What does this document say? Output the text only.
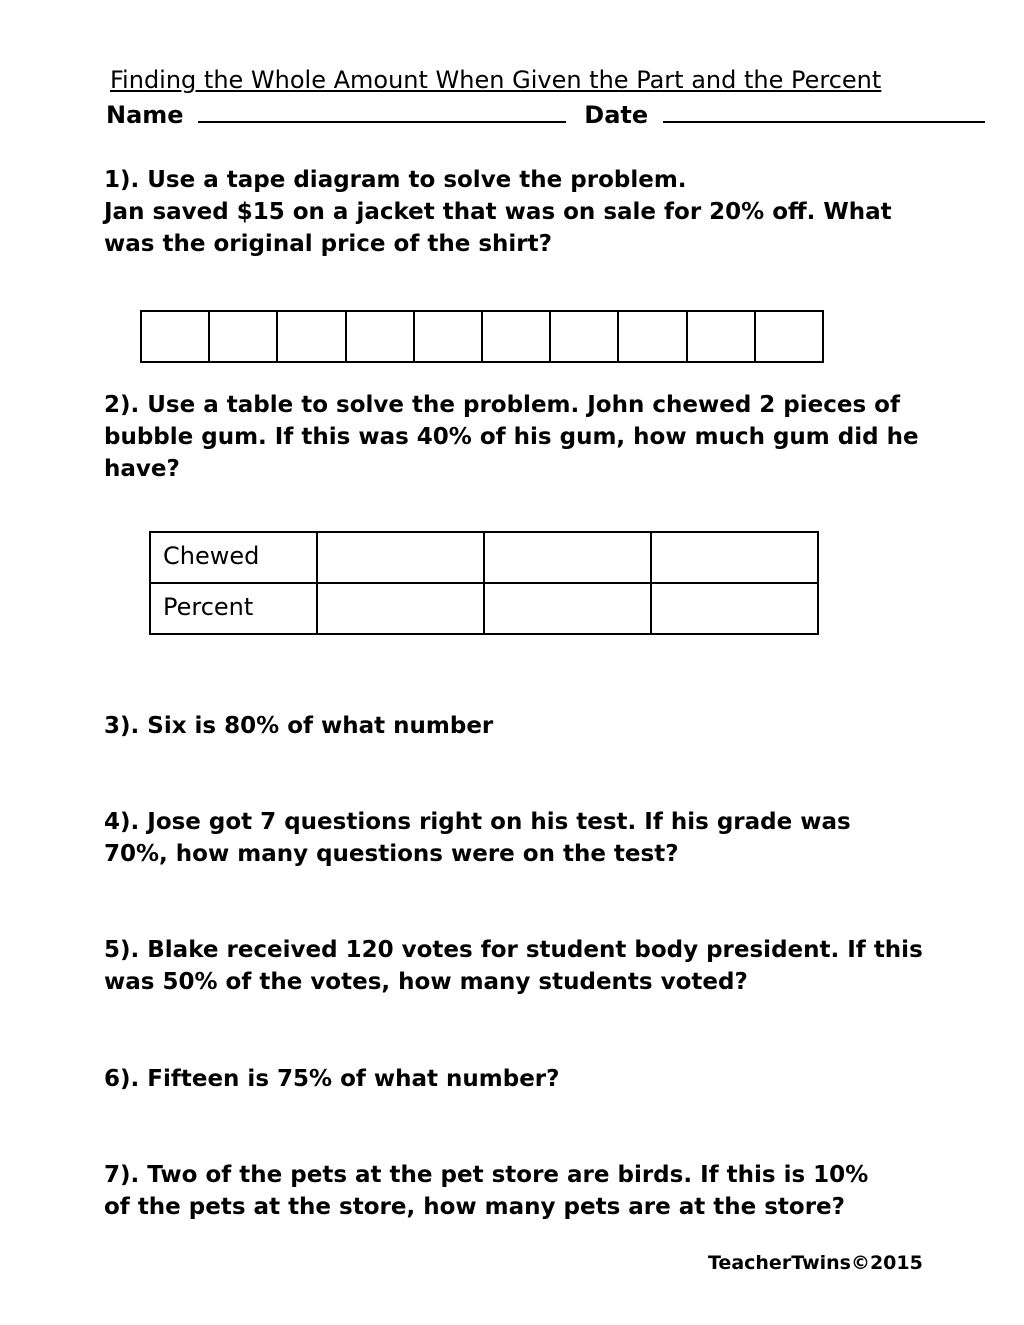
Finding the Whole Amount When Given the Part and the Percent
Name	Date
1). Use a tape diagram to solve the problem.
Jan saved $15 on a jacket that was on sale for 20% off. What
was the original price of the shirt?
2). Use a table to solve the problem. John chewed 2 pieces of
bubble gum. If this was 40% of his gum, how much gum did he
have?
Chewed			
Percent			
3). Six is 80% of what number
4). Jose got 7 questions right on his test. If his grade was
70%, how many questions were on the test?
5). Blake received 120 votes for student body president. If this
was 50% of the votes, how many students voted?
6). Fifteen is 75% of what number?
7). Two of the pets at the pet store are birds. If this is 10%
of the pets at the store, how many pets are at the store?
TeacherTwins©2015
